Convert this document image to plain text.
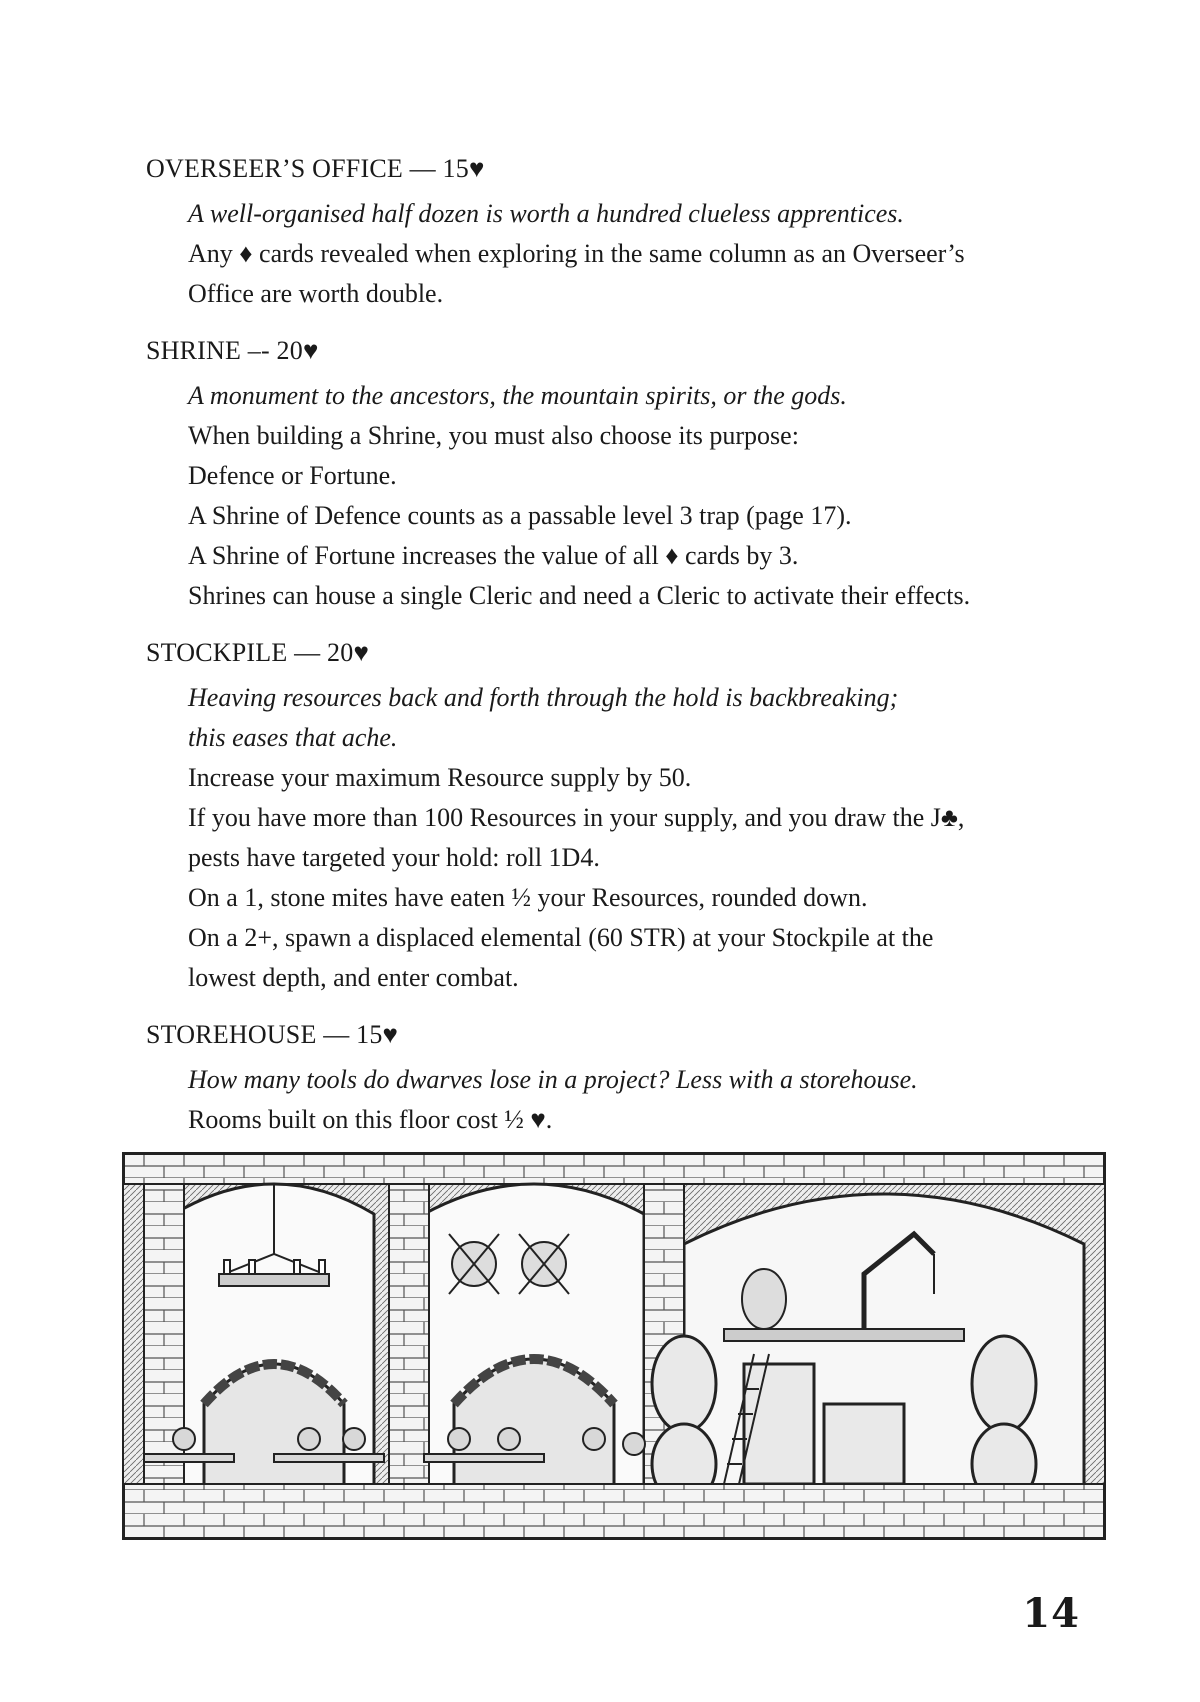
OVERSEER’S OFFICE — 15♥

A well-organised half dozen is worth a hundred clueless apprentices.

Any ♦ cards revealed when exploring in the same column as an Overseer’s

Office are worth double.

SHRINE –- 20♥

A monument to the ancestors, the mountain spirits, or the gods.

When building a Shrine, you must also choose its purpose:

Defence or Fortune.

A Shrine of Defence counts as a passable level 3 trap (page 17).

A Shrine of Fortune increases the value of all ♦ cards by 3.

Shrines can house a single Cleric and need a Cleric to activate their effects.

STOCKPILE — 20♥

Heaving resources back and forth through the hold is backbreaking;

this eases that ache.

Increase your maximum Resource supply by 50.

If you have more than 100 Resources in your supply, and you draw the J♣,

pests have targeted your hold: roll 1D4.

On a 1, stone mites have eaten ½ your Resources, rounded down.

On a 2+, spawn a displaced elemental (60 STR) at your Stockpile at the

lowest depth, and enter combat.

STOREHOUSE — 15♥

How many tools do dwarves lose in a project? Less with a storehouse.

Rooms built on this floor cost ½ ♥.

14
